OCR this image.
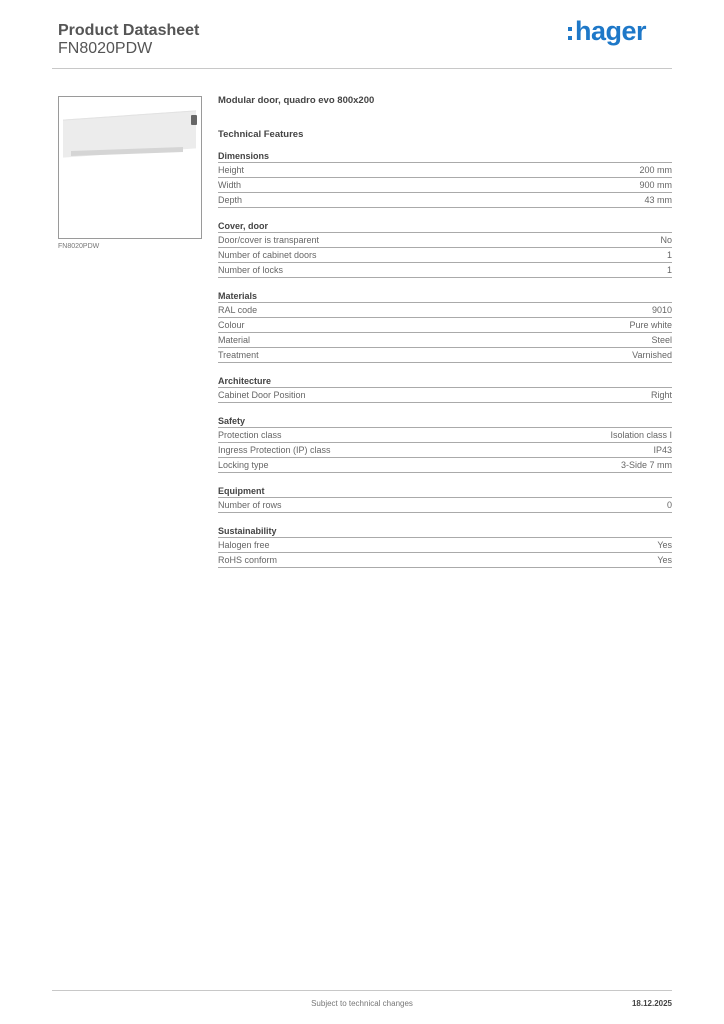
Product Datasheet
FN8020PDW
hager
FN8020PDW
Modular door, quadro evo 800x200
Technical Features
Dimensions
Height	200 mm
Width	900 mm
Depth	43 mm
Cover, door
Door/cover is transparent	No
Number of cabinet doors	1
Number of locks	1
Materials
RAL code	9010
Colour	Pure white
Material	Steel
Treatment	Varnished
Architecture
Cabinet Door Position	Right
Safety
Protection class	Isolation class I
Ingress Protection (IP) class	IP43
Locking type	3-Side 7 mm
Equipment
Number of rows	0
Sustainability
Halogen free	Yes
RoHS conform	Yes
Subject to technical changes	18.12.2025
